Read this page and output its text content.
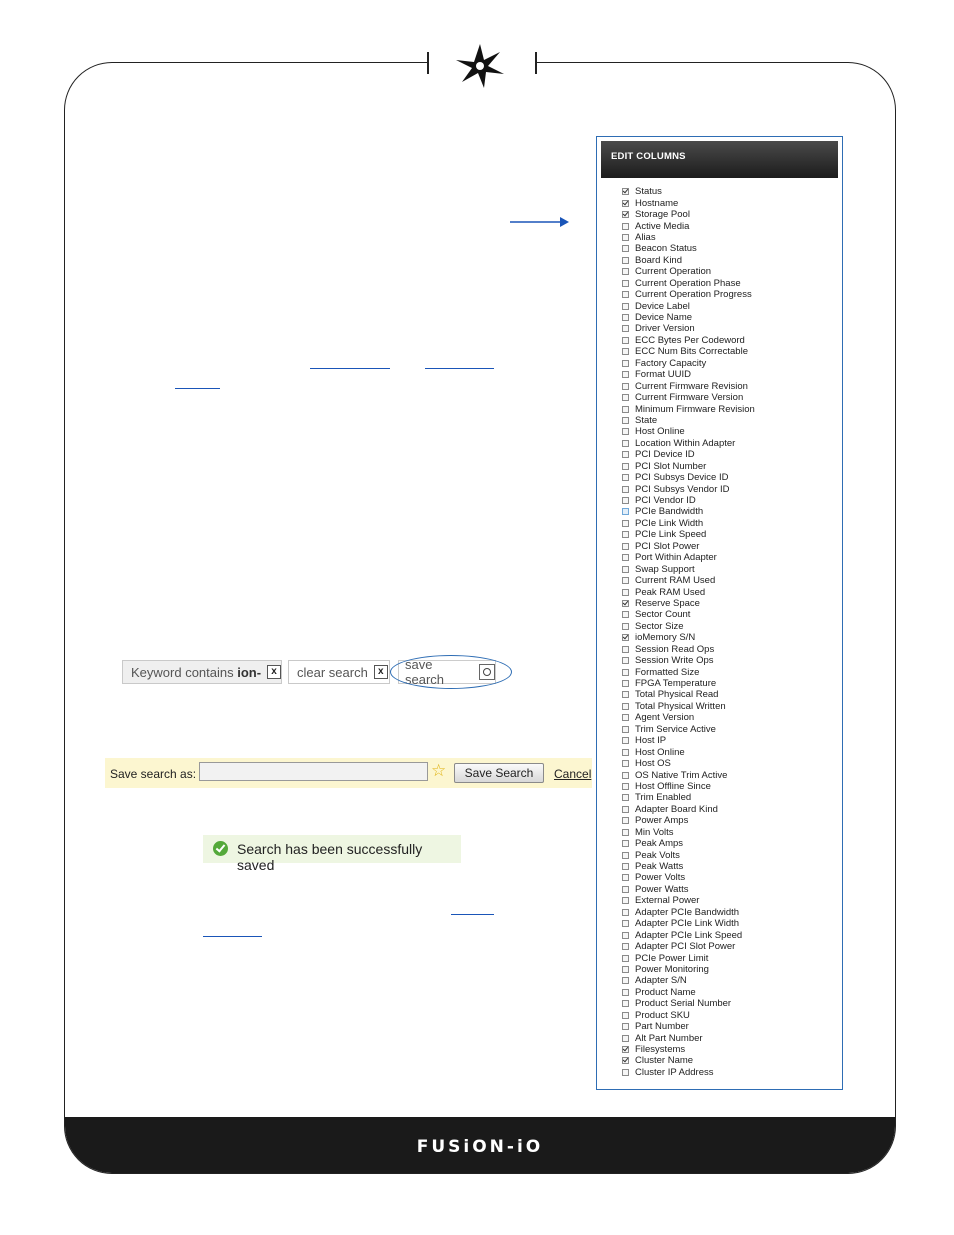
FUSiON-iO
EDIT COLUMNS
Status
Hostname
Storage Pool
Active Media
Alias
Beacon Status
Board Kind
Current Operation
Current Operation Phase
Current Operation Progress
Device Label
Device Name
Driver Version
ECC Bytes Per Codeword
ECC Num Bits Correctable
Factory Capacity
Format UUID
Current Firmware Revision
Current Firmware Version
Minimum Firmware Revision
State
Host Online
Location Within Adapter
PCI Device ID
PCI Slot Number
PCI Subsys Device ID
PCI Subsys Vendor ID
PCI Vendor ID
PCIe Bandwidth
PCIe Link Width
PCIe Link Speed
PCI Slot Power
Port Within Adapter
Swap Support
Current RAM Used
Peak RAM Used
Reserve Space
Sector Count
Sector Size
ioMemory S/N
Session Read Ops
Session Write Ops
Formatted Size
FPGA Temperature
Total Physical Read
Total Physical Written
Agent Version
Trim Service Active
Host IP
Host Online
Host OS
OS Native Trim Active
Host Offline Since
Trim Enabled
Adapter Board Kind
Power Amps
Min Volts
Peak Amps
Peak Volts
Peak Watts
Power Volts
Power Watts
External Power
Adapter PCIe Bandwidth
Adapter PCIe Link Width
Adapter PCIe Link Speed
Adapter PCI Slot Power
PCIe Power Limit
Power Monitoring
Adapter S/N
Product Name
Product Serial Number
Product SKU
Part Number
Alt Part Number
Filesystems
Cluster Name
Cluster IP Address
Keyword contains ion-	x	clear search	x	save search
Save search as:	☆	Save Search	Cancel
Search has been successfully saved
